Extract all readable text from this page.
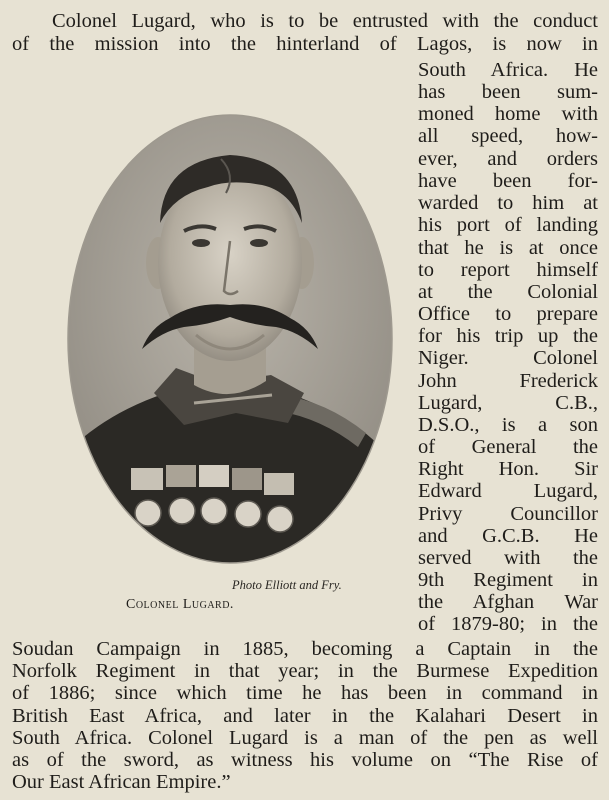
Colonel Lugard, who is to be entrusted with the conduct
of the mission into the hinterland of Lagos, is now in
South Africa. He
has been sum-
moned home with
all speed, how-
ever, and orders
have been for-
warded to him at
his port of landing
that he is at once
to report himself
at the Colonial
Office to prepare
for his trip up the
Niger. Colonel
John Frederick
Lugard, C.B.,
D.S.O., is a son
of General the
Right Hon. Sir
Edward Lugard,
Privy Councillor
and G.C.B. He
served with the
9th Regiment in
the Afghan War
of 1879-80; in the
Soudan Campaign in 1885, becoming a Captain in the
Norfolk Regiment in that year; in the Burmese Expedition
of 1886; since which time he has been in command in
British East Africa, and later in the Kalahari Desert in
South Africa. Colonel Lugard is a man of the pen as well
as of the sword, as witness his volume on “The Rise of
Our East African Empire.”
Photo Elliott and Fry.
Colonel Lugard.
